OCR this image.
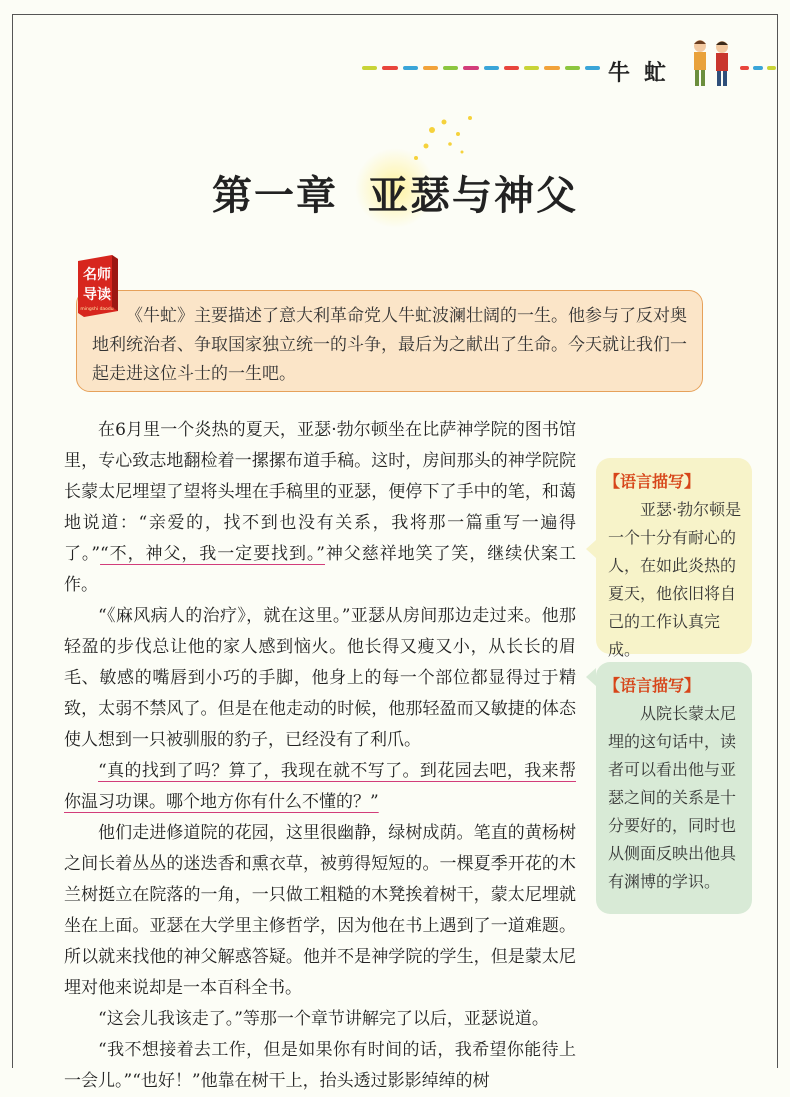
牛虻
第一章 亚瑟与神父
名师
导读
mingshi daodu 《牛虻》主要描述了意大利革命党人牛虻波澜壮阔的一生。他参与了反对奥地利统治者、争取国家独立统一的斗争，最后为之献出了生命。今天就让我们一起走进这位斗士的一生吧。

在6月里一个炎热的夏天，亚瑟·勃尔顿坐在比萨神学院的图书馆里，专心致志地翻检着一摞摞布道手稿。这时，房间那头的神学院院长蒙太尼埋望了望将头埋在手稿里的亚瑟，便停下了手中的笔，和蔼地说道：“亲爱的，找不到也没有关系，我将那一篇重写一遍得了。”“不，神父，我一定要找到。”神父慈祥地笑了笑，继续伏案工作。

“《麻风病人的治疗》，就在这里。”亚瑟从房间那边走过来。他那轻盈的步伐总让他的家人感到恼火。他长得又瘦又小，从长长的眉毛、敏感的嘴唇到小巧的手脚，他身上的每一个部位都显得过于精致，太弱不禁风了。但是在他走动的时候，他那轻盈而又敏捷的体态使人想到一只被驯服的豹子，已经没有了利爪。

“真的找到了吗？算了，我现在就不写了。到花园去吧，我来帮你温习功课。哪个地方你有什么不懂的？”

他们走进修道院的花园，这里很幽静，绿树成荫。笔直的黄杨树之间长着丛丛的迷迭香和熏衣草，被剪得短短的。一棵夏季开花的木兰树挺立在院落的一角，一只做工粗糙的木凳挨着树干，蒙太尼埋就坐在上面。亚瑟在大学里主修哲学，因为他在书上遇到了一道难题。所以就来找他的神父解惑答疑。他并不是神学院的学生，但是蒙太尼埋对他来说却是一本百科全书。

“这会儿我该走了。”等那一个章节讲解完了以后，亚瑟说道。

“我不想接着去工作，但是如果你有时间的话，我希望你能待上一会儿。”“也好！”他靠在树干上，抬头透过影影绰绰的树

【语言描写】
亚瑟·勃尔顿是一个十分有耐心的人，在如此炎热的夏天，他依旧将自己的工作认真完成。
【语言描写】
从院长蒙太尼埋的这句话中，读者可以看出他与亚瑟之间的关系是十分要好的，同时也从侧面反映出他具有渊博的学识。
